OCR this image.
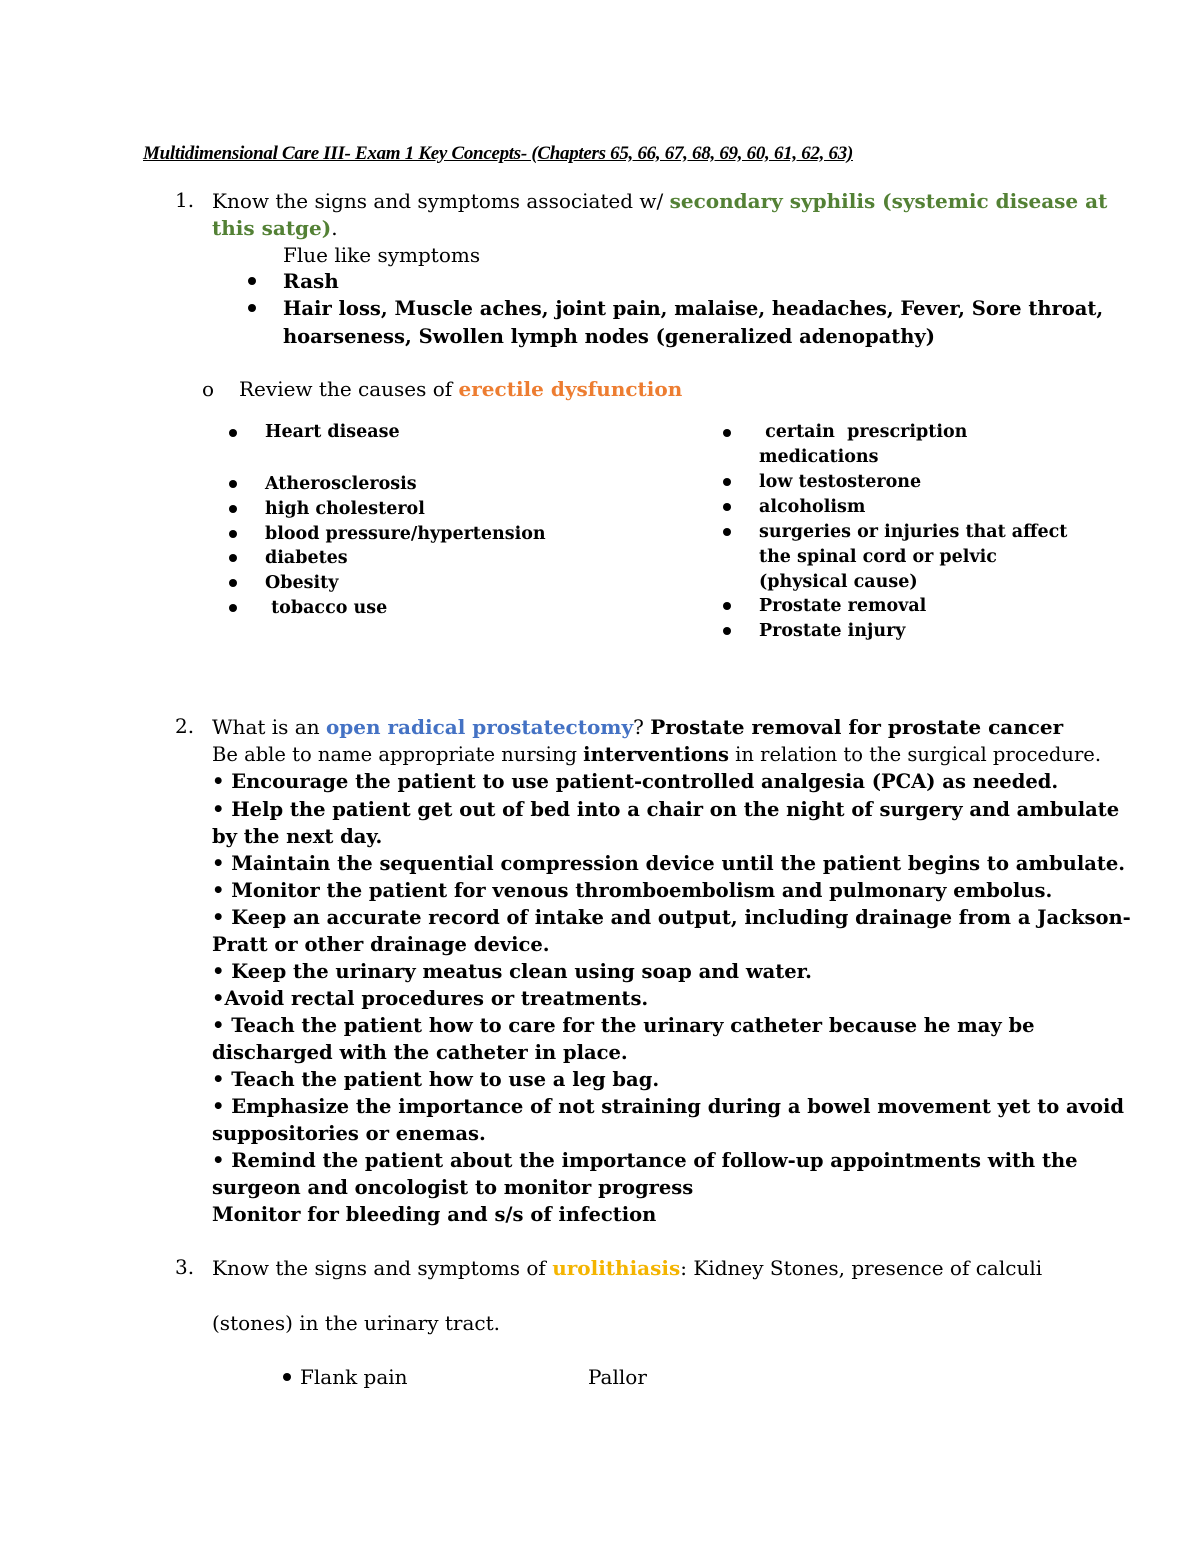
Multidimensional Care III- Exam 1 Key Concepts- (Chapters 65, 66, 67, 68, 69, 60, 61, 62, 63)
1. Know the signs and symptoms associated w/ secondary syphilis (systemic disease at
this satge).
Flue like symptoms
Rash
Hair loss, Muscle aches, joint pain, malaise, headaches, Fever, Sore throat,
hoarseness, Swollen lymph nodes (generalized adenopathy)
o Review the causes of erectile dysfunction
Heart disease
Atherosclerosis
high cholesterol
blood pressure/hypertension
diabetes
Obesity
tobacco use
certain  prescription
medications
low testosterone
alcoholism
surgeries or injuries that affect
the spinal cord or pelvic
(physical cause)
Prostate removal
Prostate injury
2. What is an open radical prostatectomy? Prostate removal for prostate cancer
Be able to name appropriate nursing interventions in relation to the surgical procedure.
• Encourage the patient to use patient-controlled analgesia (PCA) as needed.
• Help the patient get out of bed into a chair on the night of surgery and ambulate
by the next day.
• Maintain the sequential compression device until the patient begins to ambulate.
• Monitor the patient for venous thromboembolism and pulmonary embolus.
• Keep an accurate record of intake and output, including drainage from a Jackson-
Pratt or other drainage device.
• Keep the urinary meatus clean using soap and water.
•Avoid rectal procedures or treatments.
• Teach the patient how to care for the urinary catheter because he may be
discharged with the catheter in place.
• Teach the patient how to use a leg bag.
• Emphasize the importance of not straining during a bowel movement yet to avoid
suppositories or enemas.
• Remind the patient about the importance of follow-up appointments with the
surgeon and oncologist to monitor progress
Monitor for bleeding and s/s of infection
3. Know the signs and symptoms of urolithiasis: Kidney Stones, presence of calculi
(stones) in the urinary tract.
Flank pain	Pallor
